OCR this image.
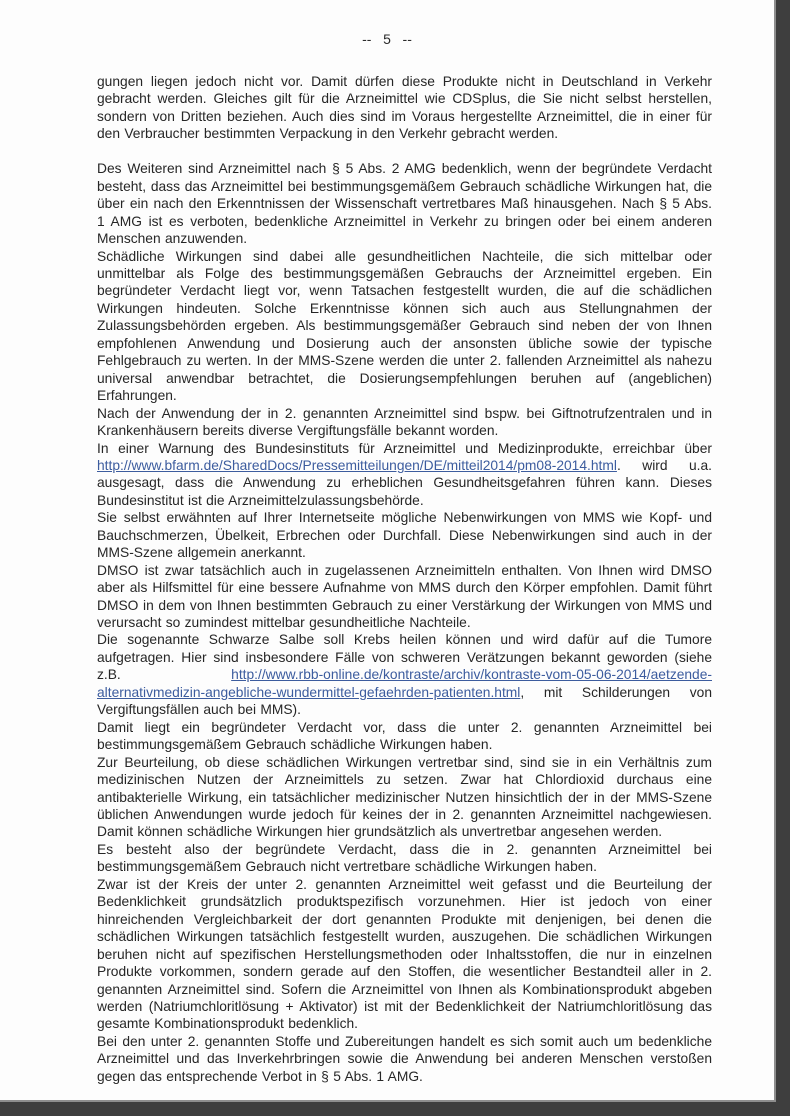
--   5   --

gungen liegen jedoch nicht vor. Damit dürfen diese Produkte nicht in Deutschland in Verkehr gebracht werden. Gleiches gilt für die Arzneimittel wie CDSplus, die Sie nicht selbst herstellen, sondern von Dritten beziehen. Auch dies sind im Voraus hergestellte Arzneimittel, die in einer für den Verbraucher bestimmten Verpackung in den Verkehr gebracht werden.

Des Weiteren sind Arzneimittel nach § 5 Abs. 2 AMG bedenklich, wenn der begründete Verdacht besteht, dass das Arzneimittel bei bestimmungsgemäßem Gebrauch schädliche Wirkungen hat, die über ein nach den Erkenntnissen der Wissenschaft vertretbares Maß hinausgehen. Nach § 5 Abs. 1 AMG ist es verboten, bedenkliche Arzneimittel in Verkehr zu bringen oder bei einem anderen Menschen anzuwenden.

Schädliche Wirkungen sind dabei alle gesundheitlichen Nachteile, die sich mittelbar oder unmittelbar als Folge des bestimmungsgemäßen Gebrauchs der Arzneimittel ergeben. Ein begründeter Verdacht liegt vor, wenn Tatsachen festgestellt wurden, die auf die schädlichen Wirkungen hindeuten. Solche Erkenntnisse können sich auch aus Stellungnahmen der Zulassungsbehörden ergeben. Als bestimmungsgemäßer Gebrauch sind neben der von Ihnen empfohlenen Anwendung und Dosierung auch der ansonsten übliche sowie der typische Fehlgebrauch zu werten. In der MMS-Szene werden die unter 2. fallenden Arzneimittel als nahezu universal anwendbar betrachtet, die Dosierungsempfehlungen beruhen auf (angeblichen) Erfahrungen.

Nach der Anwendung der in 2. genannten Arzneimittel sind bspw. bei Giftnotrufzentralen und in Krankenhäusern bereits diverse Vergiftungsfälle bekannt worden.

In einer Warnung des Bundesinstituts für Arzneimittel und Medizinprodukte, erreichbar über http://www.bfarm.de/SharedDocs/Pressemitteilungen/DE/mitteil2014/pm08-2014.html. wird u.a. ausgesagt, dass die Anwendung zu erheblichen Gesundheitsgefahren führen kann. Dieses Bundesinstitut ist die Arzneimittelzulassungsbehörde.

Sie selbst erwähnten auf Ihrer Internetseite mögliche Nebenwirkungen von MMS wie Kopf- und Bauchschmerzen, Übelkeit, Erbrechen oder Durchfall. Diese Nebenwirkungen sind auch in der MMS-Szene allgemein anerkannt.

DMSO ist zwar tatsächlich auch in zugelassenen Arzneimitteln enthalten. Von Ihnen wird DMSO aber als Hilfsmittel für eine bessere Aufnahme von MMS durch den Körper empfohlen. Damit führt DMSO in dem von Ihnen bestimmten Gebrauch zu einer Verstärkung der Wirkungen von MMS und verursacht so zumindest mittelbar gesundheitliche Nachteile.

Die sogenannte Schwarze Salbe soll Krebs heilen können und wird dafür auf die Tumore aufgetragen. Hier sind insbesondere Fälle von schweren Verätzungen bekannt geworden (siehe z.B. http://www.rbb-online.de/kontraste/archiv/kontraste-vom-05-06-2014/aetzende-alternativmedizin-angebliche-wundermittel-gefaehrden-patienten.html, mit Schilderungen von Vergiftungsfällen auch bei MMS).

Damit liegt ein begründeter Verdacht vor, dass die unter 2. genannten Arzneimittel bei bestimmungsgemäßem Gebrauch schädliche Wirkungen haben.

Zur Beurteilung, ob diese schädlichen Wirkungen vertretbar sind, sind sie in ein Verhältnis zum medizinischen Nutzen der Arzneimittels zu setzen. Zwar hat Chlordioxid durchaus eine antibakterielle Wirkung, ein tatsächlicher medizinischer Nutzen hinsichtlich der in der MMS-Szene üblichen Anwendungen wurde jedoch für keines der in 2. genannten Arzneimittel nachgewiesen. Damit können schädliche Wirkungen hier grundsätzlich als unvertretbar angesehen werden.

Es besteht also der begründete Verdacht, dass die in 2. genannten Arzneimittel bei bestimmungsgemäßem Gebrauch nicht vertretbare schädliche Wirkungen haben.

Zwar ist der Kreis der unter 2. genannten Arzneimittel weit gefasst und die Beurteilung der Bedenklichkeit grundsätzlich produktspezifisch vorzunehmen. Hier ist jedoch von einer hinreichenden Vergleichbarkeit der dort genannten Produkte mit denjenigen, bei denen die schädlichen Wirkungen tatsächlich festgestellt wurden, auszugehen. Die schädlichen Wirkungen beruhen nicht auf spezifischen Herstellungsmethoden oder Inhaltsstoffen, die nur in einzelnen Produkte vorkommen, sondern gerade auf den Stoffen, die wesentlicher Bestandteil aller in 2. genannten Arzneimittel sind. Sofern die Arzneimittel von Ihnen als Kombinationsprodukt abgeben werden (Natriumchloritlösung + Aktivator) ist mit der Bedenklichkeit der Natriumchloritlösung das gesamte Kombinationsprodukt bedenklich.

Bei den unter 2. genannten Stoffe und Zubereitungen handelt es sich somit auch um bedenkliche Arzneimittel und das Inverkehrbringen sowie die Anwendung bei anderen Menschen verstoßen gegen das entsprechende Verbot in § 5 Abs. 1 AMG.
